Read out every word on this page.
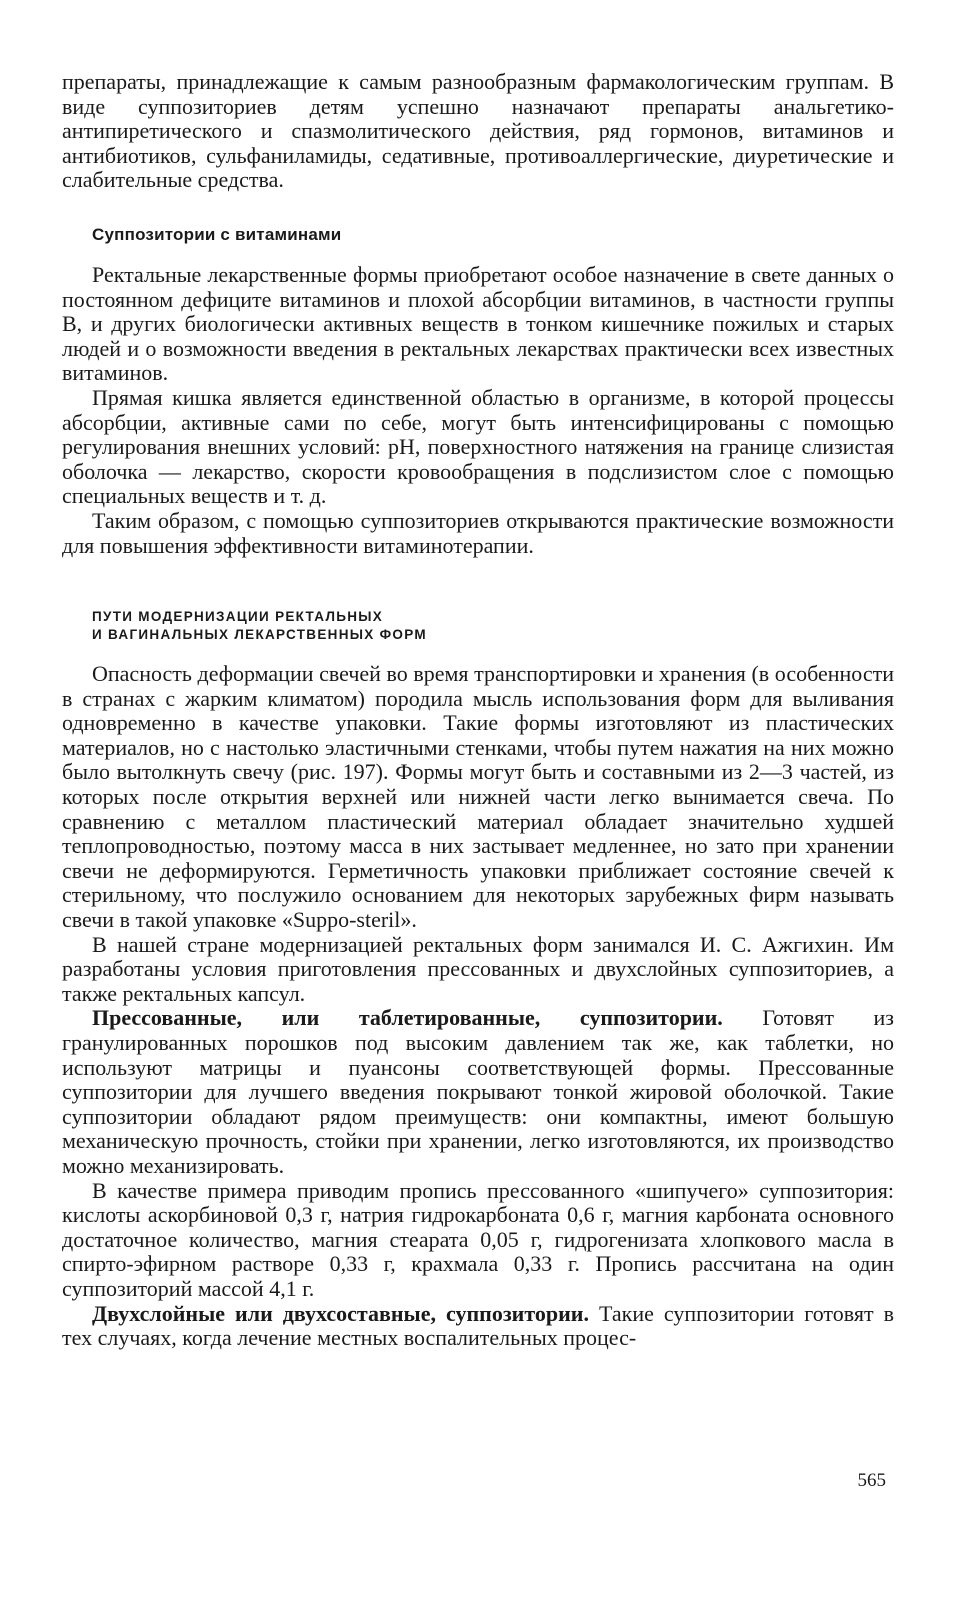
препараты, принадлежащие к самым разнообразным фармакологическим группам. В виде суппозиториев детям успешно назначают препараты анальгетико-антипиретического и спазмолитического действия, ряд гормонов, витаминов и антибиотиков, сульфаниламиды, седативные, противоаллергические, диуретические и слабительные средства.

Суппозитории с витаминами

Ректальные лекарственные формы приобретают особое назначение в свете данных о постоянном дефиците витаминов и плохой абсорбции витаминов, в частности группы В, и других биологически активных веществ в тонком кишечнике пожилых и старых людей и о возможности введения в ректальных лекарствах практически всех известных витаминов.

Прямая кишка является единственной областью в организме, в которой процессы абсорбции, активные сами по себе, могут быть интенсифицированы с помощью регулирования внешних условий: pH, поверхностного натяжения на границе слизистая оболочка — лекарство, скорости кровообращения в подслизистом слое с помощью специальных веществ и т. д.

Таким образом, с помощью суппозиториев открываются практические возможности для повышения эффективности витаминотерапии.

ПУТИ МОДЕРНИЗАЦИИ РЕКТАЛЬНЫХ
И ВАГИНАЛЬНЫХ ЛЕКАРСТВЕННЫХ ФОРМ

Опасность деформации свечей во время транспортировки и хранения (в особенности в странах с жарким климатом) породила мысль использования форм для выливания одновременно в качестве упаковки. Такие формы изготовляют из пластических материалов, но с настолько эластичными стенками, чтобы путем нажатия на них можно было вытолкнуть свечу (рис. 197). Формы могут быть и составными из 2—3 частей, из которых после открытия верхней или нижней части легко вынимается свеча. По сравнению с металлом пластический материал обладает значительно худшей теплопроводностью, поэтому масса в них застывает медленнее, но зато при хранении свечи не деформируются. Герметичность упаковки приближает состояние свечей к стерильному, что послужило основанием для некоторых зарубежных фирм называть свечи в такой упаковке «Suppo-steril».

В нашей стране модернизацией ректальных форм занимался И. С. Ажгихин. Им разработаны условия приготовления прессованных и двухслойных суппозиториев, а также ректальных капсул.

Прессованные, или таблетированные, суппозитории. Готовят из гранулированных порошков под высоким давлением так же, как таблетки, но используют матрицы и пуансоны соответствующей формы. Прессованные суппозитории для лучшего введения покрывают тонкой жировой оболочкой. Такие суппозитории обладают рядом преимуществ: они компактны, имеют большую механическую прочность, стойки при хранении, легко изготовляются, их производство можно механизировать.

В качестве примера приводим пропись прессованного «шипучего» суппозитория: кислоты аскорбиновой 0,3 г, натрия гидрокарбоната 0,6 г, магния карбоната основного достаточное количество, магния стеарата 0,05 г, гидрогенизата хлопкового масла в спирто-эфирном растворе 0,33 г, крахмала 0,33 г. Пропись рассчитана на один суппозиторий массой 4,1 г.

Двухслойные или двухсоставные, суппозитории. Такие суппозитории готовят в тех случаях, когда лечение местных воспалительных процес-

565
